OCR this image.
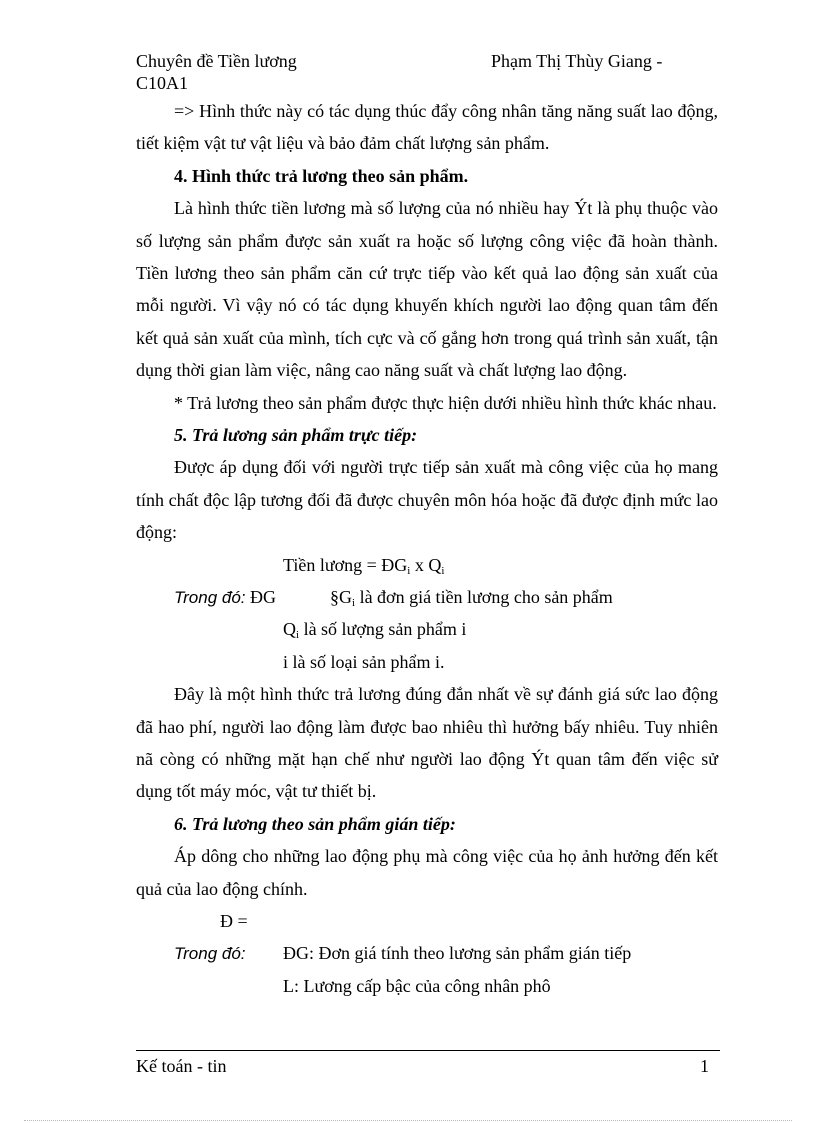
Chuyên đề Tiền lương
C10A1
Phạm Thị Thùy Giang -

=> Hình thức này có tác dụng thúc đẩy công nhân tăng năng suất lao động, tiết kiệm vật tư vật liệu và bảo đảm chất lượng sản phẩm.

4. Hình thức trả lương theo sản phẩm.

Là hình thức tiền lương mà số lượng của nó nhiều hay Ýt là phụ thuộc vào số lượng sản phẩm được sản xuất ra hoặc số lượng công việc đã hoàn thành. Tiền lương theo sản phẩm căn cứ trực tiếp vào kết quả lao động sản xuất của mỗi người. Vì vậy nó có tác dụng khuyến khích người lao động quan tâm đến kết quả sản xuất của mình, tích cực và cố gắng hơn trong quá trình sản xuất, tận dụng thời gian làm việc, nâng cao năng suất và chất lượng lao động.

* Trả lương theo sản phẩm được thực hiện dưới nhiều hình thức khác nhau.

5. Trả lương sản phẩm trực tiếp:

Được áp dụng đối với người trực tiếp sản xuất mà công việc của họ mang tính chất độc lập tương đối đã được chuyên môn hóa hoặc đã được định mức lao động:

Tiền lương = $ĐG_i$ x $Q_i$
Trong đó: ĐG	$\S G_i$ là đơn giá tiền lương cho sản phẩm
$Q_i$ là số lượng sản phẩm i
i là số loại sản phẩm i.

Đây là một hình thức trả lương đúng đắn nhất về sự đánh giá sức lao động đã hao phí, người lao động làm được bao nhiêu thì hưởng bấy nhiêu. Tuy nhiên nã còng có những mặt hạn chế như người lao động Ýt quan tâm đến việc sử dụng tốt máy móc, vật tư thiết bị.

6. Trả lương theo sản phẩm gián tiếp:

Áp dông cho những lao động phụ mà công việc của họ ảnh hưởng đến kết quả của lao động chính.

Đ =
Trong đó:	ĐG: Đơn giá tính theo lương sản phẩm gián tiếp
L: Lương cấp bậc của công nhân phô
Kế toán - tin	1
